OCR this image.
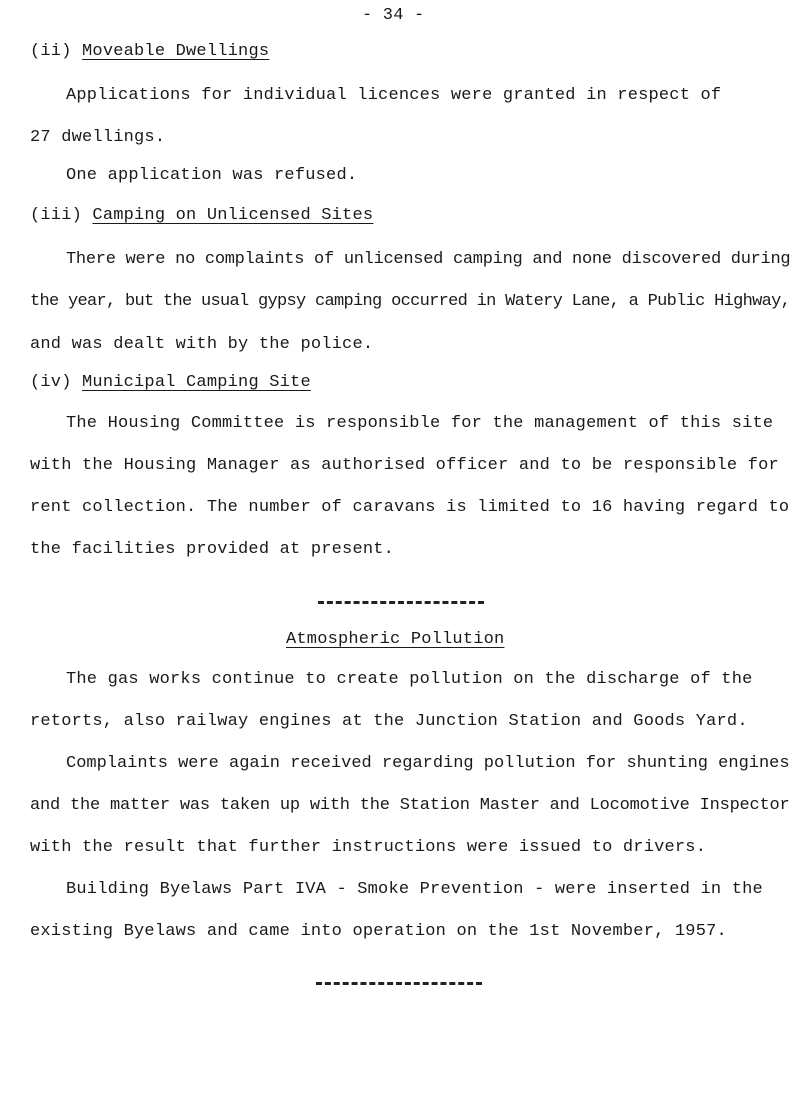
- 34 -
(ii) Moveable Dwellings
Applications for individual licences were granted in respect of
27 dwellings.
One application was refused.
(iii) Camping on Unlicensed Sites
There were no complaints of unlicensed camping and none discovered during
the year, but the usual gypsy camping occurred in Watery Lane, a Public Highway,
and was dealt with by the police.
(iv) Municipal Camping Site
The Housing Committee is responsible for the management of this site
with the Housing Manager as authorised officer and to be responsible for
rent collection. The number of caravans is limited to 16 having regard to
the facilities provided at present.
Atmospheric Pollution
The gas works continue to create pollution on the discharge of the
retorts, also railway engines at the Junction Station and Goods Yard.
Complaints were again received regarding pollution for shunting engines
and the matter was taken up with the Station Master and Locomotive Inspector
with the result that further instructions were issued to drivers.
Building Byelaws Part IVA - Smoke Prevention - were inserted in the
existing Byelaws and came into operation on the 1st November, 1957.
